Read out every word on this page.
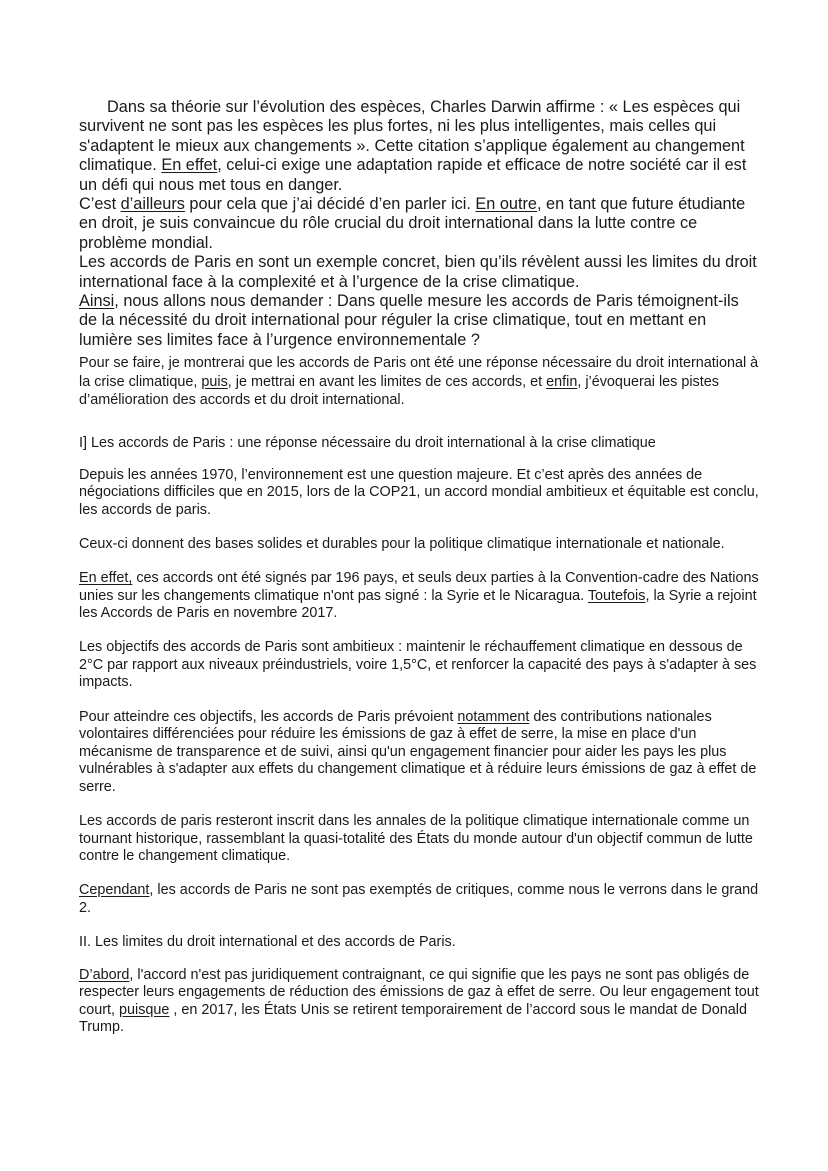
Dans sa théorie sur l’évolution des espèces, Charles Darwin affirme : « Les espèces qui survivent ne sont pas les espèces les plus fortes, ni les plus intelligentes, mais celles qui s'adaptent le mieux aux changements ». Cette citation s’applique également au changement climatique. En effet, celui-ci exige une adaptation rapide et efficace de notre société car il est un défi qui nous met tous en danger.

C’est d’ailleurs pour cela que j’ai décidé d’en parler ici. En outre, en tant que future étudiante en droit, je suis convaincue du rôle crucial du droit international dans la lutte contre ce problème mondial.

Les accords de Paris en sont un exemple concret, bien qu’ils révèlent aussi les limites du droit international face à la complexité et à l’urgence de la crise climatique.

Ainsi, nous allons nous demander : Dans quelle mesure les accords de Paris témoignent-ils de la nécessité du droit international pour réguler la crise climatique, tout en mettant en lumière ses limites face à l’urgence environnementale ?

Pour se faire, je montrerai que les accords de Paris ont été une réponse nécessaire du droit international à la crise climatique, puis, je mettrai en avant les limites de ces accords, et enfin, j’évoquerai les pistes d’amélioration des accords et du droit international.

I] Les accords de Paris : une réponse nécessaire du droit international à la crise climatique

Depuis les années 1970, l’environnement est une question majeure. Et c’est après des années de négociations difficiles que en 2015, lors de la COP21, un accord mondial ambitieux et équitable est conclu, les accords de paris.

Ceux-ci donnent des bases solides et durables pour la politique climatique internationale et nationale.

En effet, ces accords ont été signés par 196 pays, et seuls deux parties à la Convention-cadre des Nations unies sur les changements climatique n'ont pas signé : la Syrie et le Nicaragua. Toutefois, la Syrie a rejoint les Accords de Paris en novembre 2017.

Les objectifs des accords de Paris sont ambitieux : maintenir le réchauffement climatique en dessous de 2°C par rapport aux niveaux préindustriels, voire 1,5°C, et renforcer la capacité des pays à s'adapter à ses impacts.

Pour atteindre ces objectifs, les accords de Paris prévoient notamment des contributions nationales volontaires différenciées pour réduire les émissions de gaz à effet de serre, la mise en place d'un mécanisme de transparence et de suivi, ainsi qu'un engagement financier pour aider les pays les plus vulnérables à s'adapter aux effets du changement climatique et à réduire leurs émissions de gaz à effet de serre.

Les accords de paris resteront inscrit dans les annales de la politique climatique internationale comme un tournant historique, rassemblant la quasi-totalité des États du monde autour d'un objectif commun de lutte contre le changement climatique.

Cependant, les accords de Paris ne sont pas exemptés de critiques, comme nous le verrons dans le grand 2.

II. Les limites du droit international et des accords de Paris.

D’abord, l'accord n'est pas juridiquement contraignant, ce qui signifie que les pays ne sont pas obligés de respecter leurs engagements de réduction des émissions de gaz à effet de serre. Ou leur engagement tout court, puisque , en 2017, les États Unis se retirent temporairement de l’accord sous le mandat de Donald Trump.
